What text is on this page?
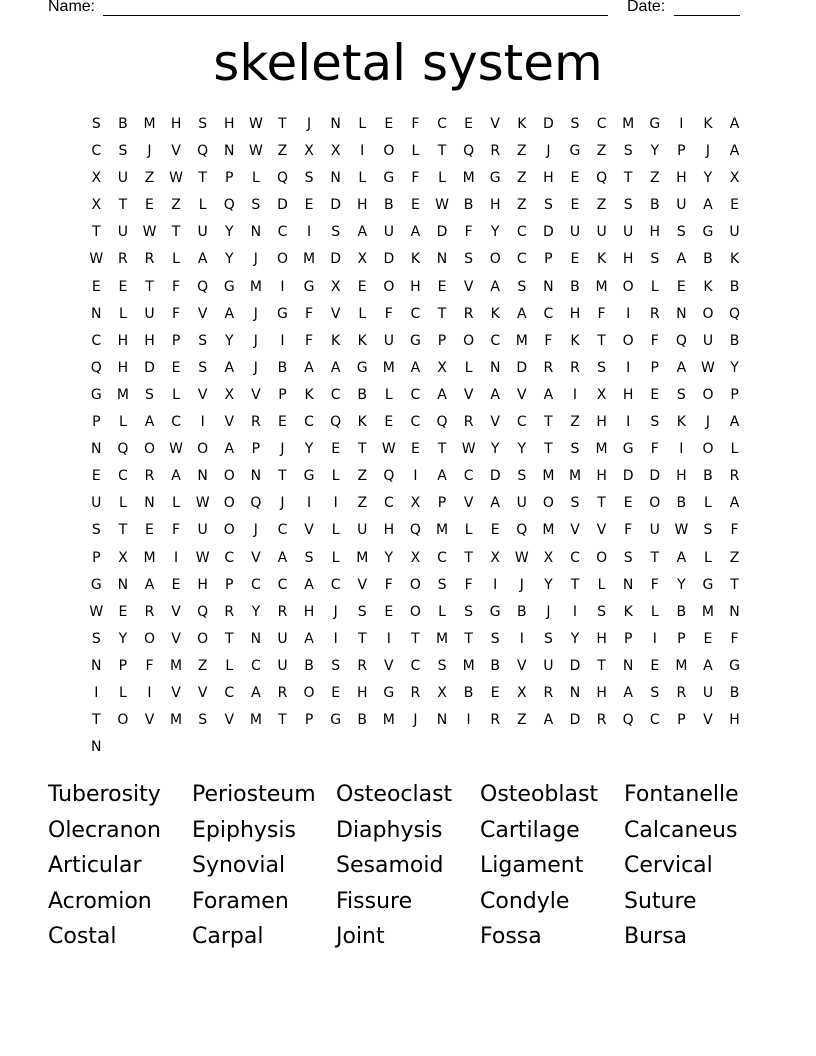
Name:	Date:
skeletal system
S	B	M	H	S	H	W	T	J	N	L	E	F	C	E	V	K	D	S	C	M	G	I	K	A
C	S	J	V	Q	N	W	Z	X	X	I	O	L	T	Q	R	Z	J	G	Z	S	Y	P	J	A
X	U	Z	W	T	P	L	Q	S	N	L	G	F	L	M	G	Z	H	E	Q	T	Z	H	Y	X
X	T	E	Z	L	Q	S	D	E	D	H	B	E	W	B	H	Z	S	E	Z	S	B	U	A	E
T	U	W	T	U	Y	N	C	I	S	A	U	A	D	F	Y	C	D	U	U	U	H	S	G	U
W	R	R	L	A	Y	J	O	M	D	X	D	K	N	S	O	C	P	E	K	H	S	A	B	K
E	E	T	F	Q	G	M	I	G	X	E	O	H	E	V	A	S	N	B	M	O	L	E	K	B
N	L	U	F	V	A	J	G	F	V	L	F	C	T	R	K	A	C	H	F	I	R	N	O	Q
C	H	H	P	S	Y	J	I	F	K	K	U	G	P	O	C	M	F	K	T	O	F	Q	U	B
Q	H	D	E	S	A	J	B	A	A	G	M	A	X	L	N	D	R	R	S	I	P	A	W	Y
G	M	S	L	V	X	V	P	K	C	B	L	C	A	V	A	V	A	I	X	H	E	S	O	P
P	L	A	C	I	V	R	E	C	Q	K	E	C	Q	R	V	C	T	Z	H	I	S	K	J	A
N	Q	O	W	O	A	P	J	Y	E	T	W	E	T	W	Y	Y	T	S	M	G	F	I	O	L
E	C	R	A	N	O	N	T	G	L	Z	Q	I	A	C	D	S	M	M	H	D	D	H	B	R
U	L	N	L	W	O	Q	J	I	I	Z	C	X	P	V	A	U	O	S	T	E	O	B	L	A
S	T	E	F	U	O	J	C	V	L	U	H	Q	M	L	E	Q	M	V	V	F	U	W	S	F
P	X	M	I	W	C	V	A	S	L	M	Y	X	C	T	X	W	X	C	O	S	T	A	L	Z
G	N	A	E	H	P	C	C	A	C	V	F	O	S	F	I	J	Y	T	L	N	F	Y	G	T
W	E	R	V	Q	R	Y	R	H	J	S	E	O	L	S	G	B	J	I	S	K	L	B	M	N
S	Y	O	V	O	T	N	U	A	I	T	I	T	M	T	S	I	S	Y	H	P	I	P	E	F
N	P	F	M	Z	L	C	U	B	S	R	V	C	S	M	B	V	U	D	T	N	E	M	A	G
I	L	I	V	V	C	A	R	O	E	H	G	R	X	B	E	X	R	N	H	A	S	R	U	B
T	O	V	M	S	V	M	T	P	G	B	M	J	N	I	R	Z	A	D	R	Q	C	P	V	H
N
Tuberosity	Periosteum Osteoclast	Osteoblast	Fontanelle
Olecranon	Epiphysis	Diaphysis	Cartilage	Calcaneus
Articular	Synovial	Sesamoid	Ligament	Cervical
Acromion	Foramen	Fissure	Condyle	Suture
Costal	Carpal	Joint	Fossa	Bursa
